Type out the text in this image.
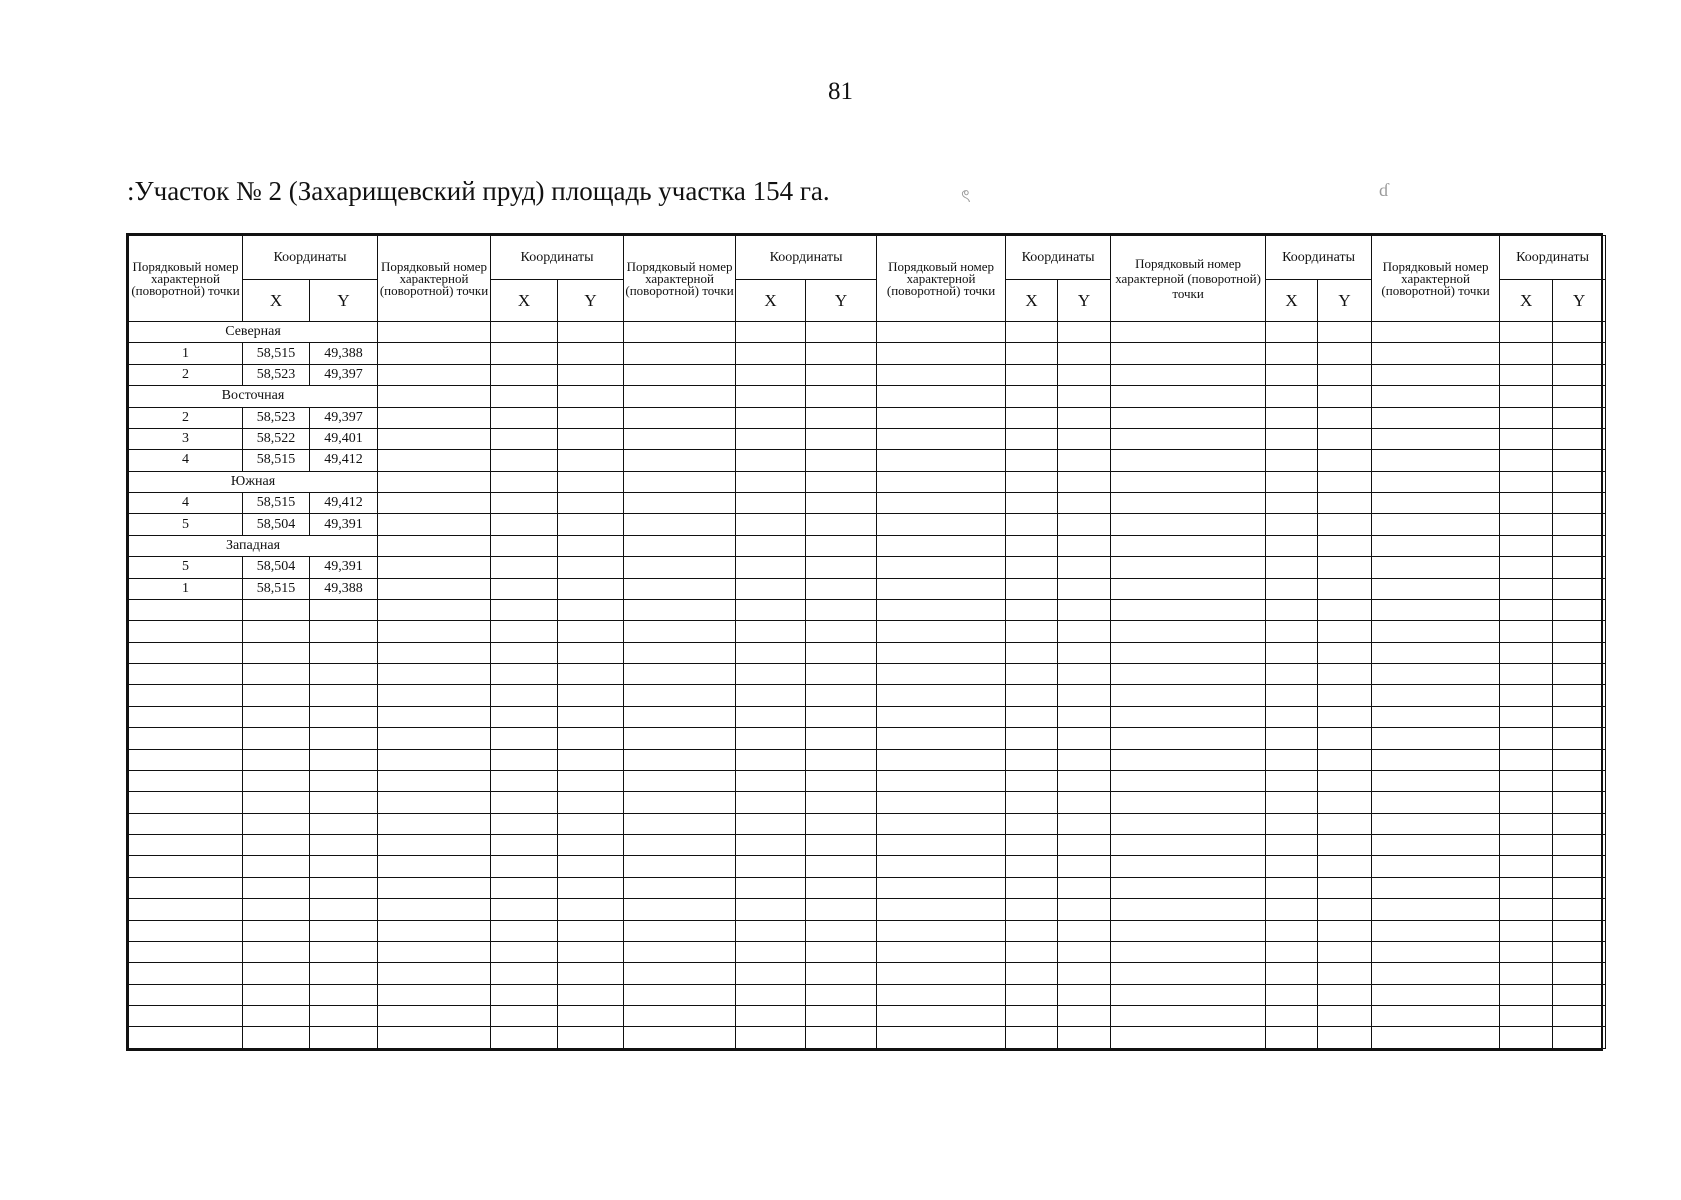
81
:Участок № 2 (Захарищевский пруд) площадь участка 154 га.	ৎ	ɗ
Порядковый номер характерной (поворотной) точки	Координаты		Порядковый номер характерной (поворотной) точки	Координаты		Порядковый номер характерной (поворотной) точки	Координаты		Порядковый номер характерной (поворотной) точки	Координаты		Порядковый номер характерной (поворотной) точки	Координаты		Порядковый номер характерной (поворотной) точки	Координаты	
	X	Y		X	Y		X	Y		X	Y		X	Y		X	Y
Северная																	
1	58,515	49,388															
2	58,523	49,397															
Восточная																	
2	58,523	49,397															
3	58,522	49,401															
4	58,515	49,412															
Южная																	
4	58,515	49,412															
5	58,504	49,391															
Западная																	
5	58,504	49,391															
1	58,515	49,388															
